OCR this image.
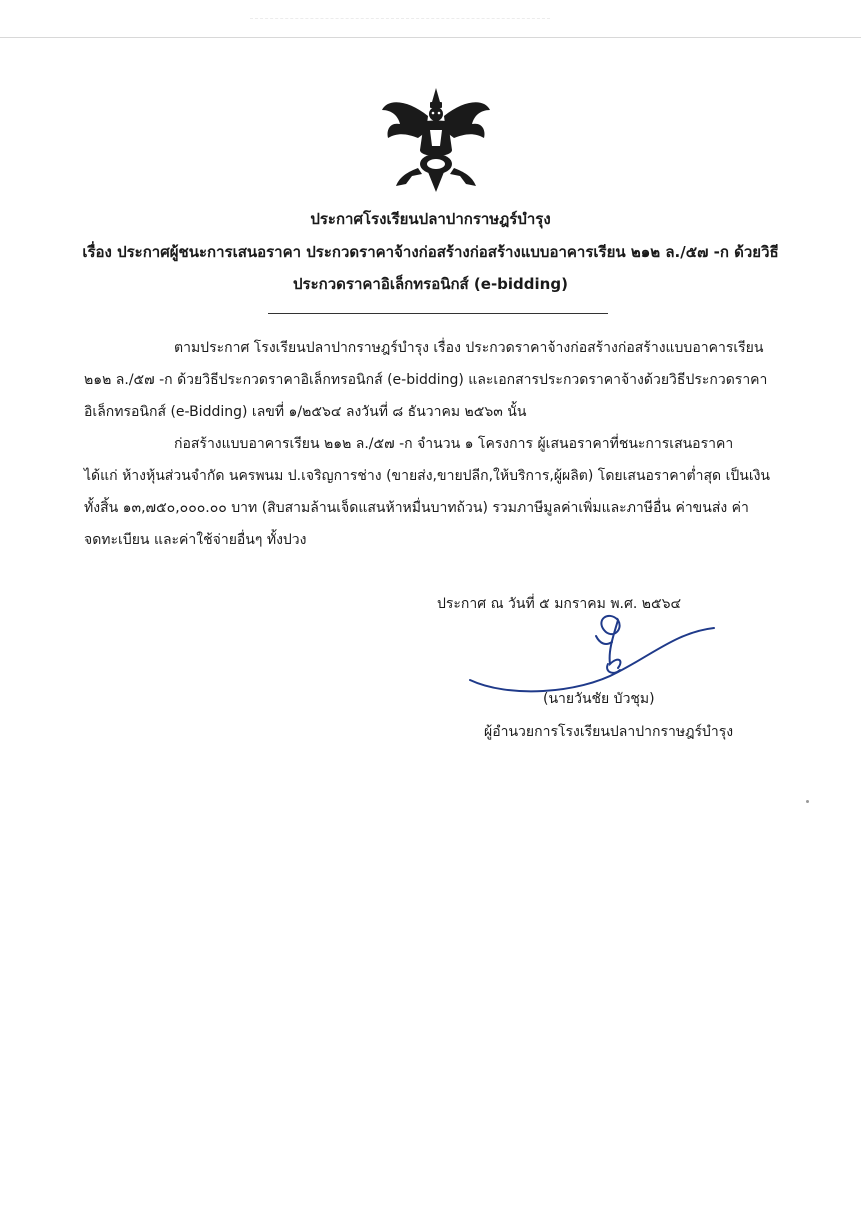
ประกาศโรงเรียนปลาปากราษฎร์บำรุง
เรื่อง ประกาศผู้ชนะการเสนอราคา ประกวดราคาจ้างก่อสร้างก่อสร้างแบบอาคารเรียน ๒๑๒ ล./๕๗ -ก ด้วยวิธี
ประกวดราคาอิเล็กทรอนิกส์ (e-bidding)
ตามประกาศ โรงเรียนปลาปากราษฎร์บำรุง เรื่อง ประกวดราคาจ้างก่อสร้างก่อสร้างแบบอาคารเรียน
๒๑๒ ล./๕๗ -ก ด้วยวิธีประกวดราคาอิเล็กทรอนิกส์ (e-bidding) และเอกสารประกวดราคาจ้างด้วยวิธีประกวดราคา
อิเล็กทรอนิกส์ (e-Bidding) เลขที่ ๑/๒๕๖๔ ลงวันที่ ๘ ธันวาคม ๒๕๖๓ นั้น
ก่อสร้างแบบอาคารเรียน ๒๑๒ ล./๕๗ -ก จำนวน ๑ โครงการ ผู้เสนอราคาที่ชนะการเสนอราคา
ได้แก่ ห้างหุ้นส่วนจำกัด นครพนม ป.เจริญการช่าง (ขายส่ง,ขายปลีก,ให้บริการ,ผู้ผลิต) โดยเสนอราคาต่ำสุด เป็นเงิน
ทั้งสิ้น ๑๓,๗๕๐,๐๐๐.๐๐ บาท (สิบสามล้านเจ็ดแสนห้าหมื่นบาทถ้วน) รวมภาษีมูลค่าเพิ่มและภาษีอื่น ค่าขนส่ง ค่า
จดทะเบียน และค่าใช้จ่ายอื่นๆ ทั้งปวง
ประกาศ ณ วันที่ ๕ มกราคม พ.ศ. ๒๕๖๔
(นายวันชัย บัวชุม)
ผู้อำนวยการโรงเรียนปลาปากราษฎร์บำรุง
